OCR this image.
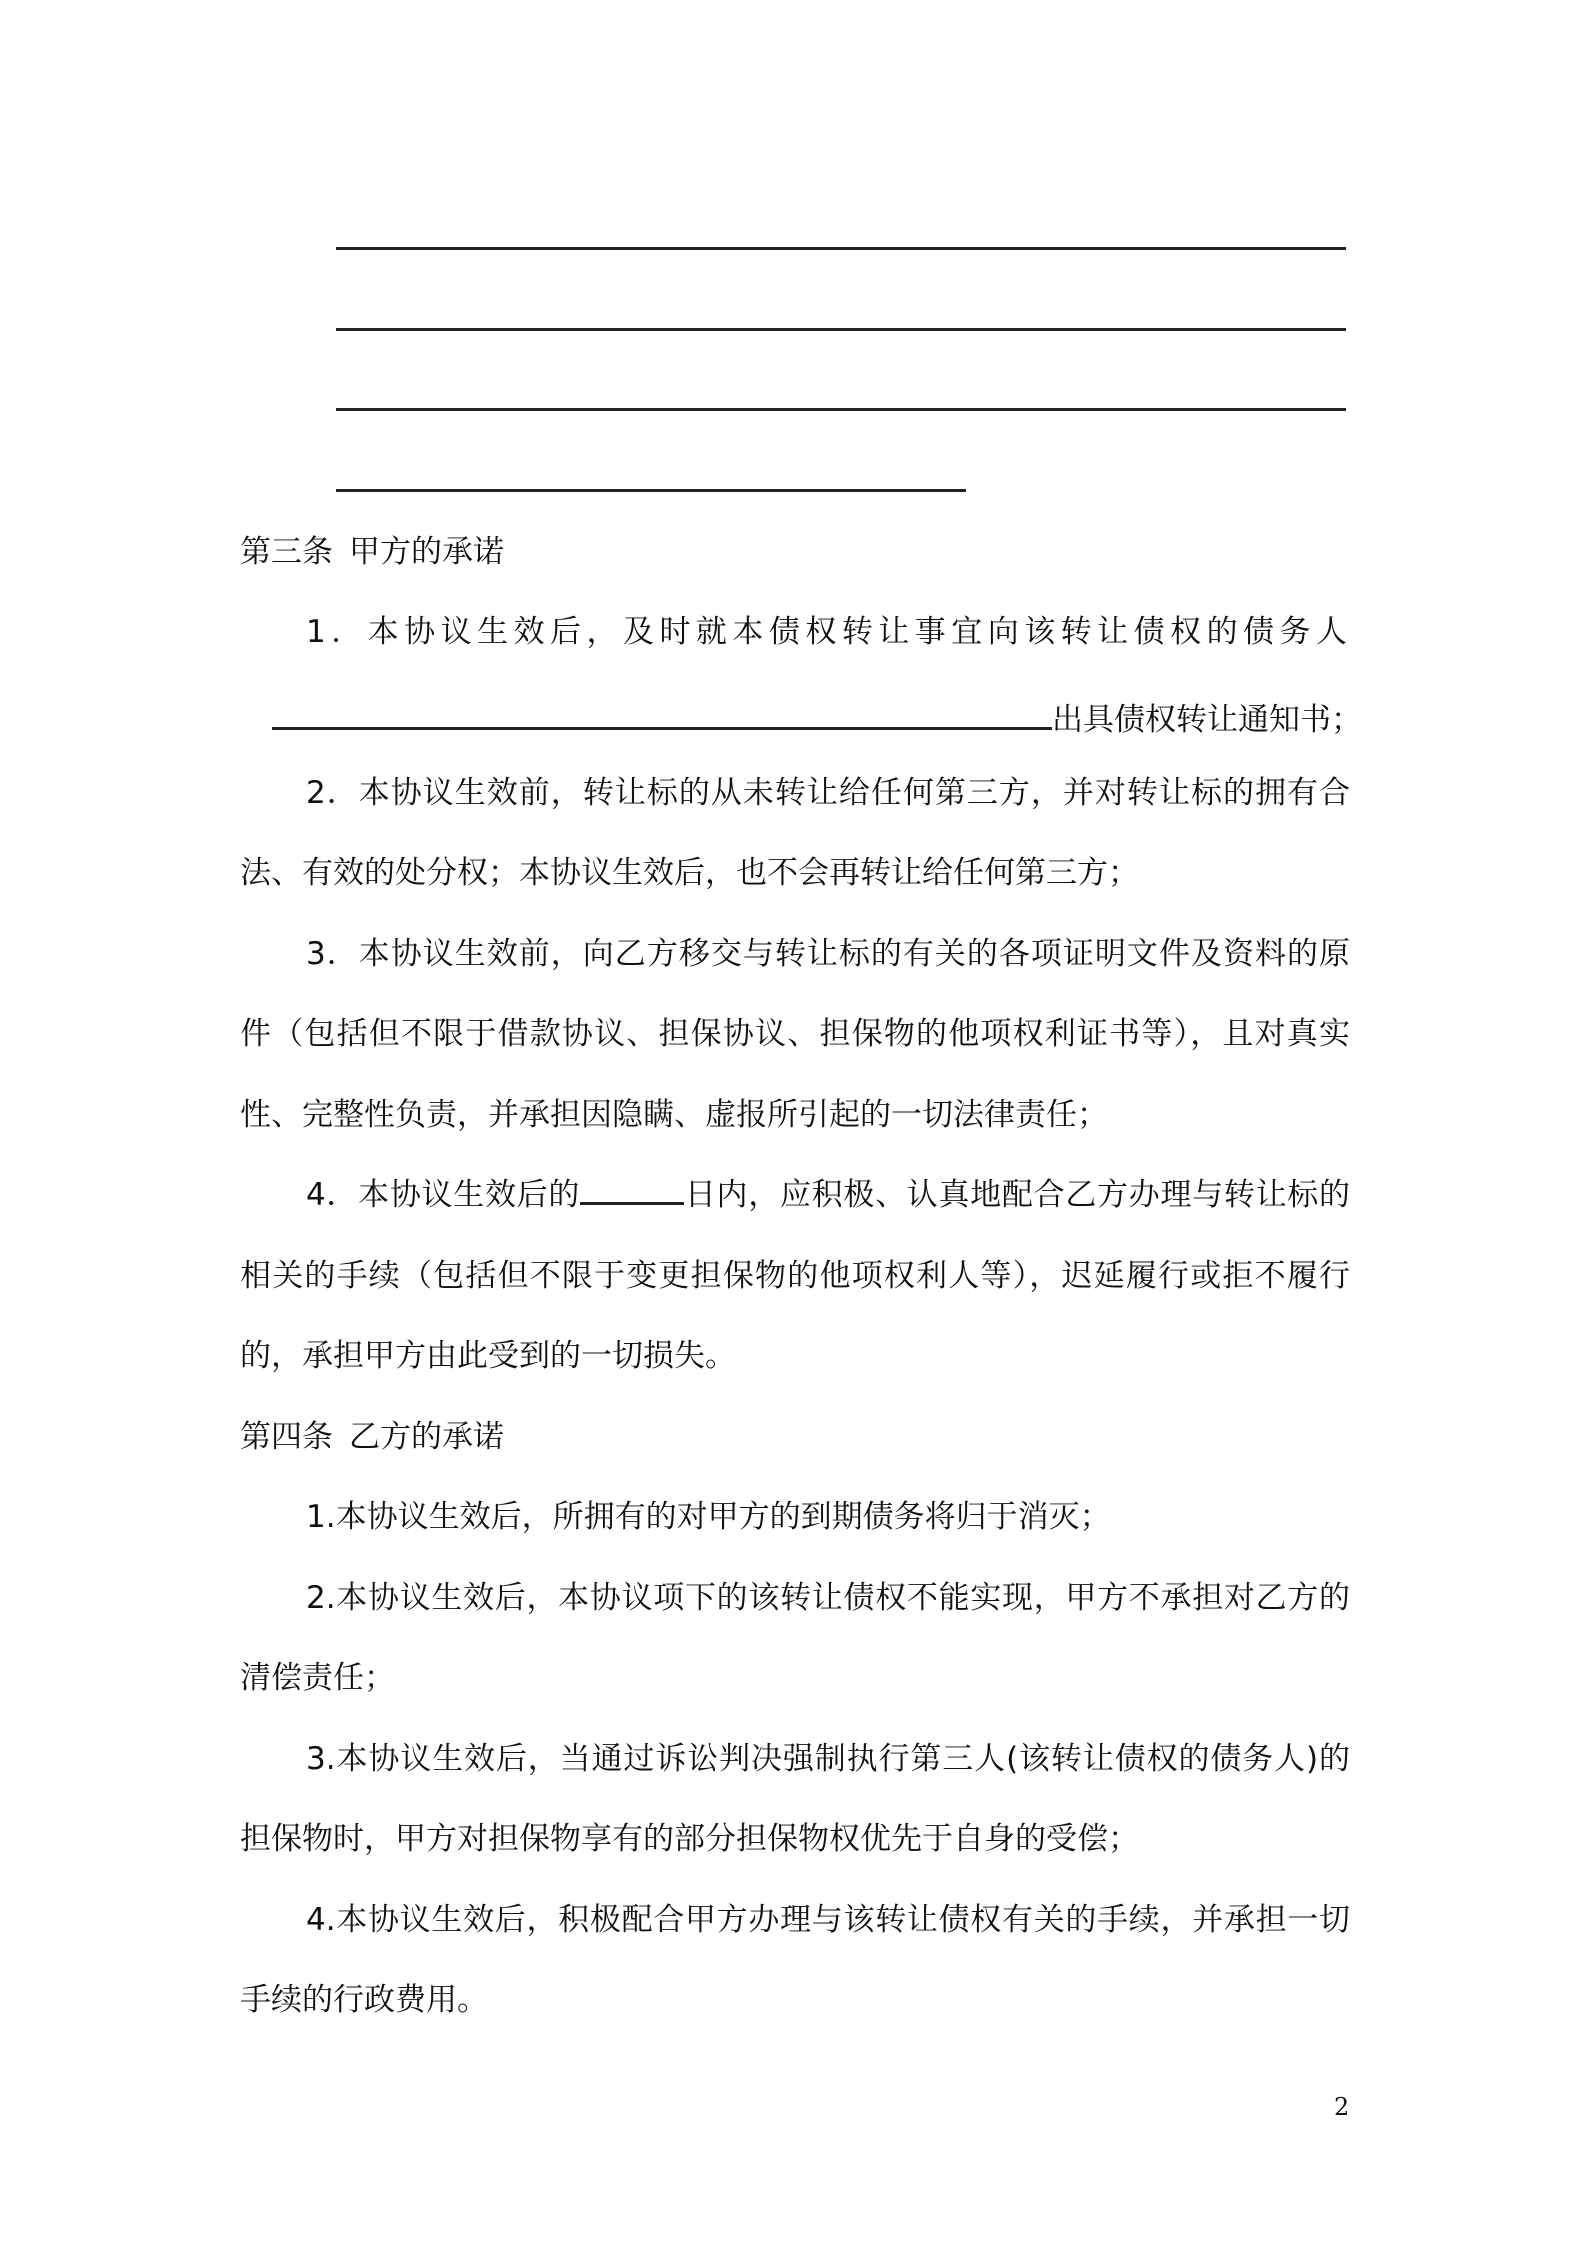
第三条 甲方的承诺
1．本协议生效后，及时就本债权转让事宜向该转让债权的债务人
出具债权转让通知书；
2．本协议生效前，转让标的从未转让给任何第三方，并对转让标的拥有合
法、有效的处分权；本协议生效后，也不会再转让给任何第三方；
3．本协议生效前，向乙方移交与转让标的有关的各项证明文件及资料的原
件（包括但不限于借款协议、担保协议、担保物的他项权利证书等），且对真实
性、完整性负责，并承担因隐瞒、虚报所引起的一切法律责任；
4．本协议生效后的	日内，应积极、认真地配合乙方办理与转让标的
相关的手续（包括但不限于变更担保物的他项权利人等），迟延履行或拒不履行
的，承担甲方由此受到的一切损失。
第四条 乙方的承诺
1.本协议生效后，所拥有的对甲方的到期债务将归于消灭；
2.本协议生效后，本协议项下的该转让债权不能实现，甲方不承担对乙方的
清偿责任；
3.本协议生效后，当通过诉讼判决强制执行第三人(该转让债权的债务人)的
担保物时，甲方对担保物享有的部分担保物权优先于自身的受偿；
4.本协议生效后，积极配合甲方办理与该转让债权有关的手续，并承担一切
手续的行政费用。
2
